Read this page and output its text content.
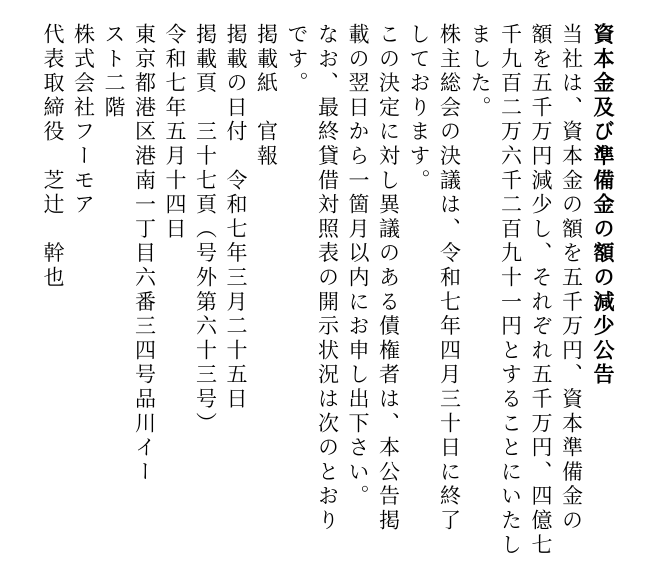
資本金及び準備金の額の減少公告

当社は、資本金の額を五千万円、資本準備金の

額を五千万円減少し、それぞれ五千万円、四億七

千九百二万六千二百九十一円とすることにいたし

ました。

株主総会の決議は、令和七年四月三十日に終了

しております。

この決定に対し異議のある債権者は、本公告掲

載の翌日から一箇月以内にお申し出下さい。

なお、最終貸借対照表の開示状況は次のとおり

です。

掲載紙　官報

掲載の日付　令和七年三月二十五日

掲載頁　三十七頁（号外第六十三号）

令和七年五月十四日

東京都港区港南一丁目六番三四号品川イー

スト二階

株式会社フーモア

代表取締役　芝辻　幹也
